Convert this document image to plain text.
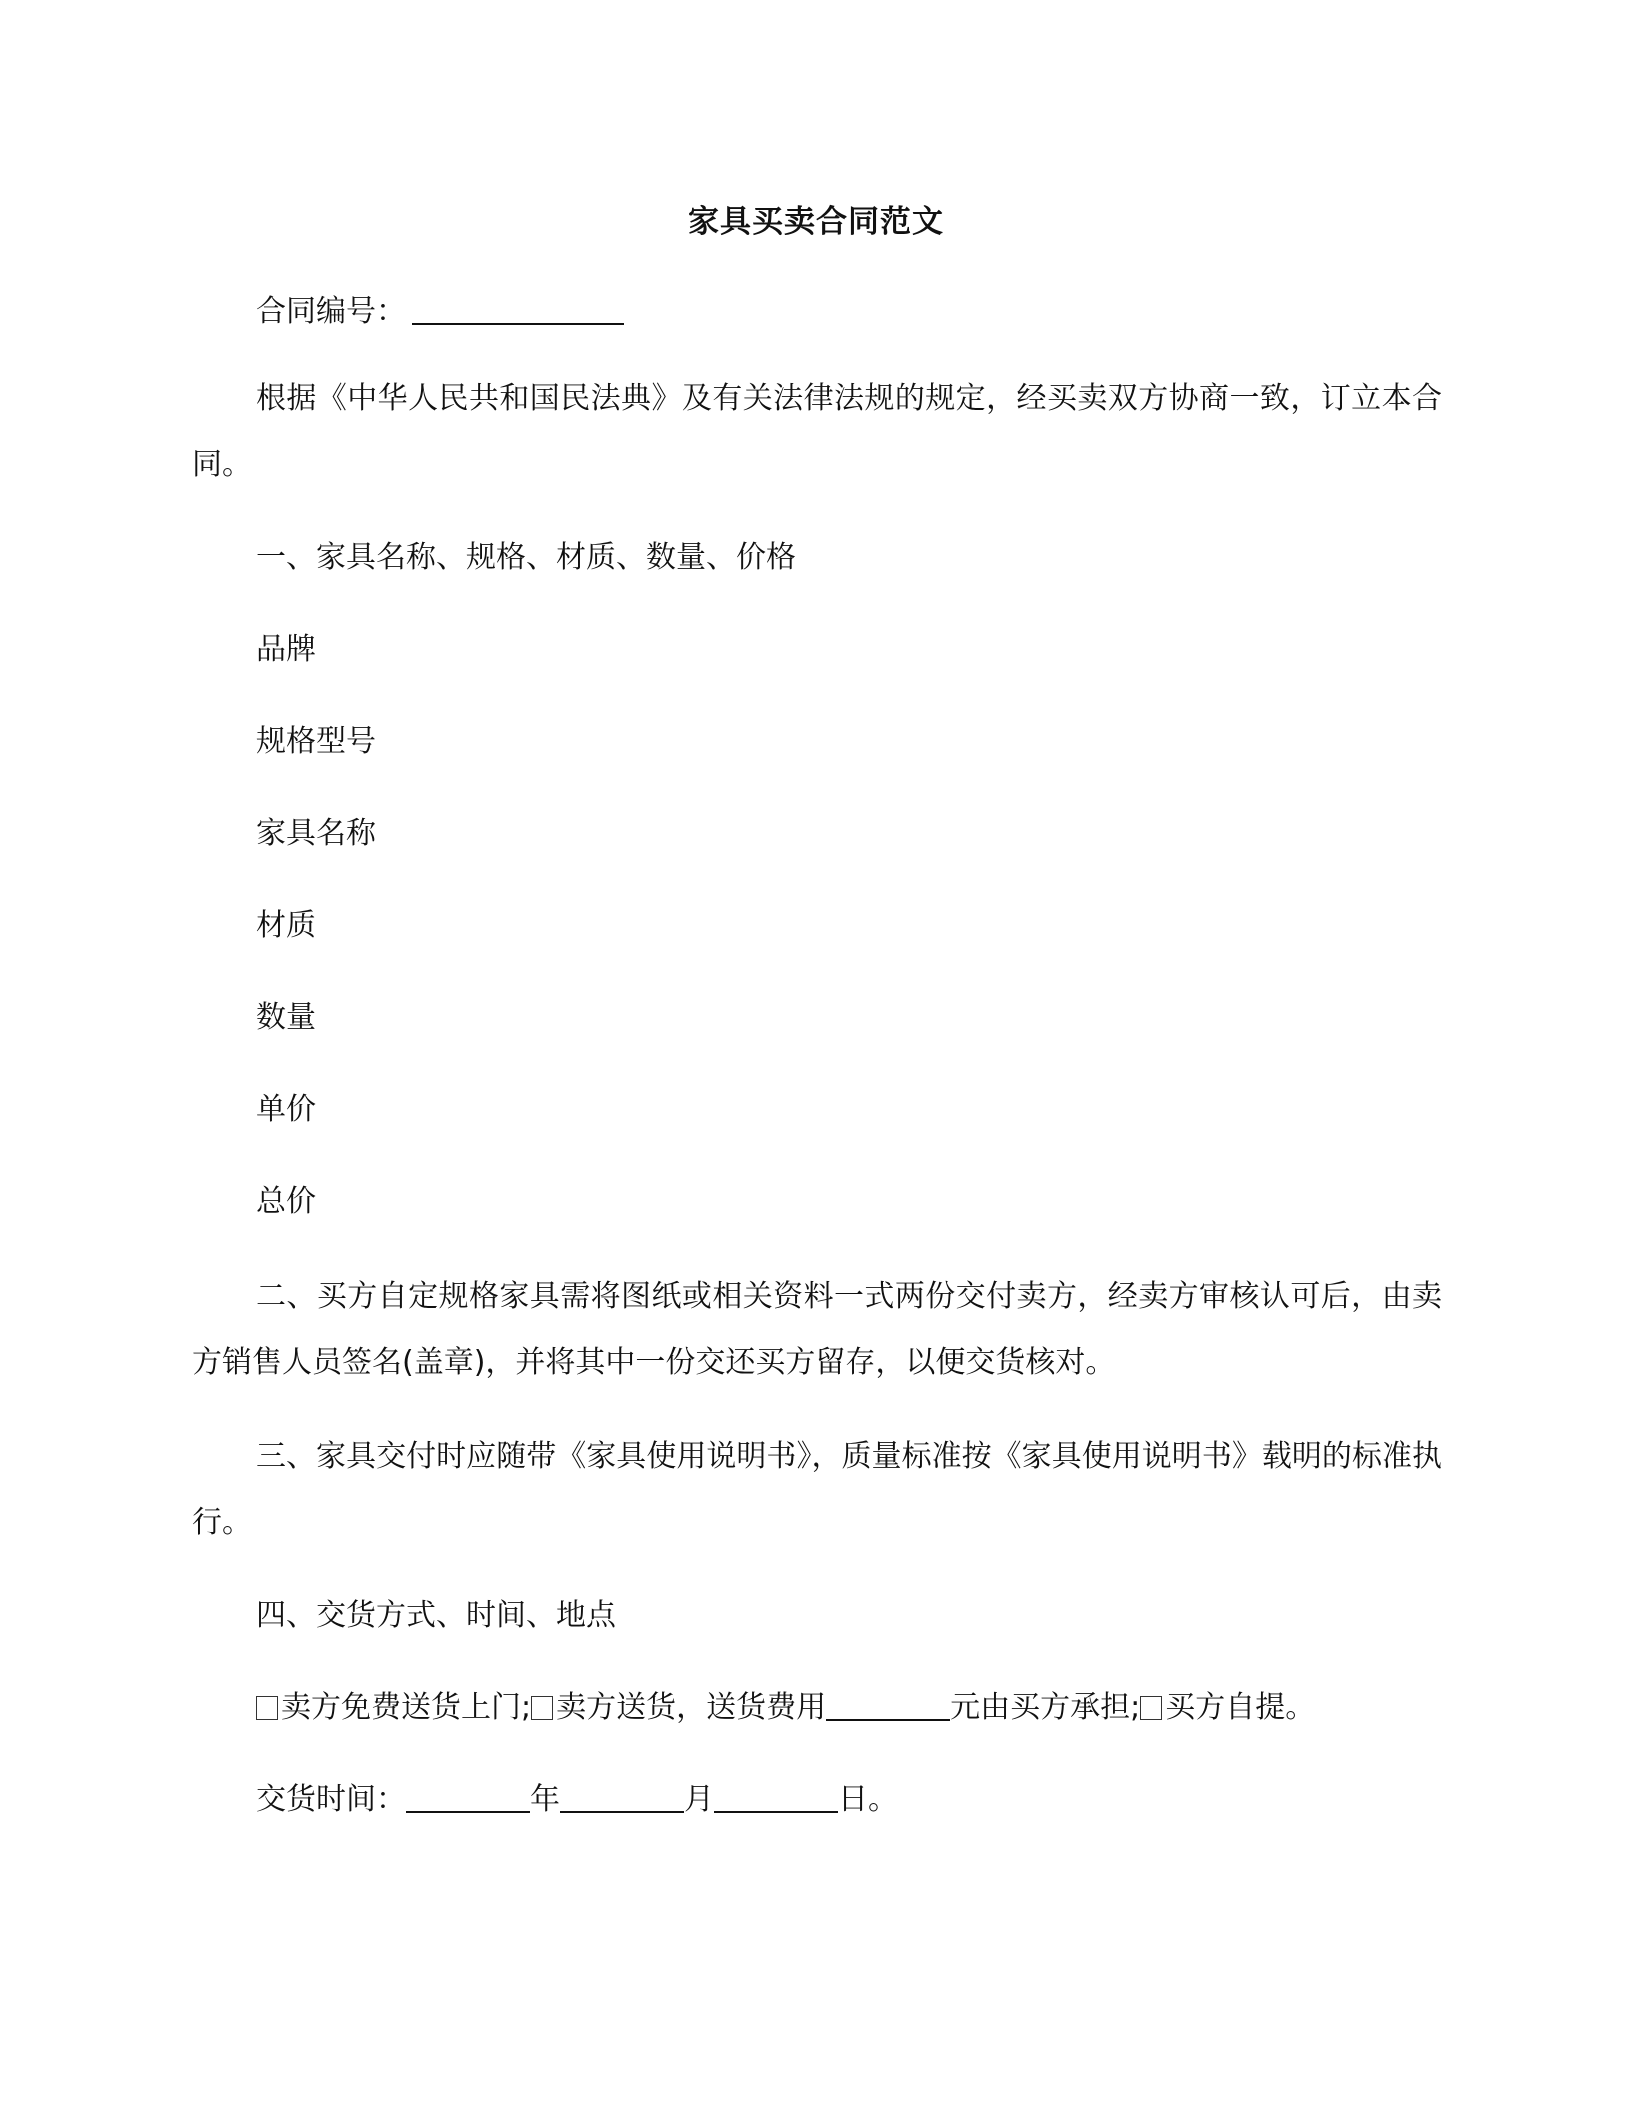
家具买卖合同范文
合同编号：
根据《中华人民共和国民法典》及有关法律法规的规定，经买卖双方协商一致，订立本合同。
一、家具名称、规格、材质、数量、价格
品牌
规格型号
家具名称
材质
数量
单价
总价
二、买方自定规格家具需将图纸或相关资料一式两份交付卖方，经卖方审核认可后，由卖方销售人员签名(盖章)，并将其中一份交还买方留存，以便交货核对。
三、家具交付时应随带《家具使用说明书》，质量标准按《家具使用说明书》载明的标准执行。
四、交货方式、时间、地点
卖方免费送货上门; 卖方送货，送货费用	元由买方承担; 买方自提。
交货时间：	年	月	日。
